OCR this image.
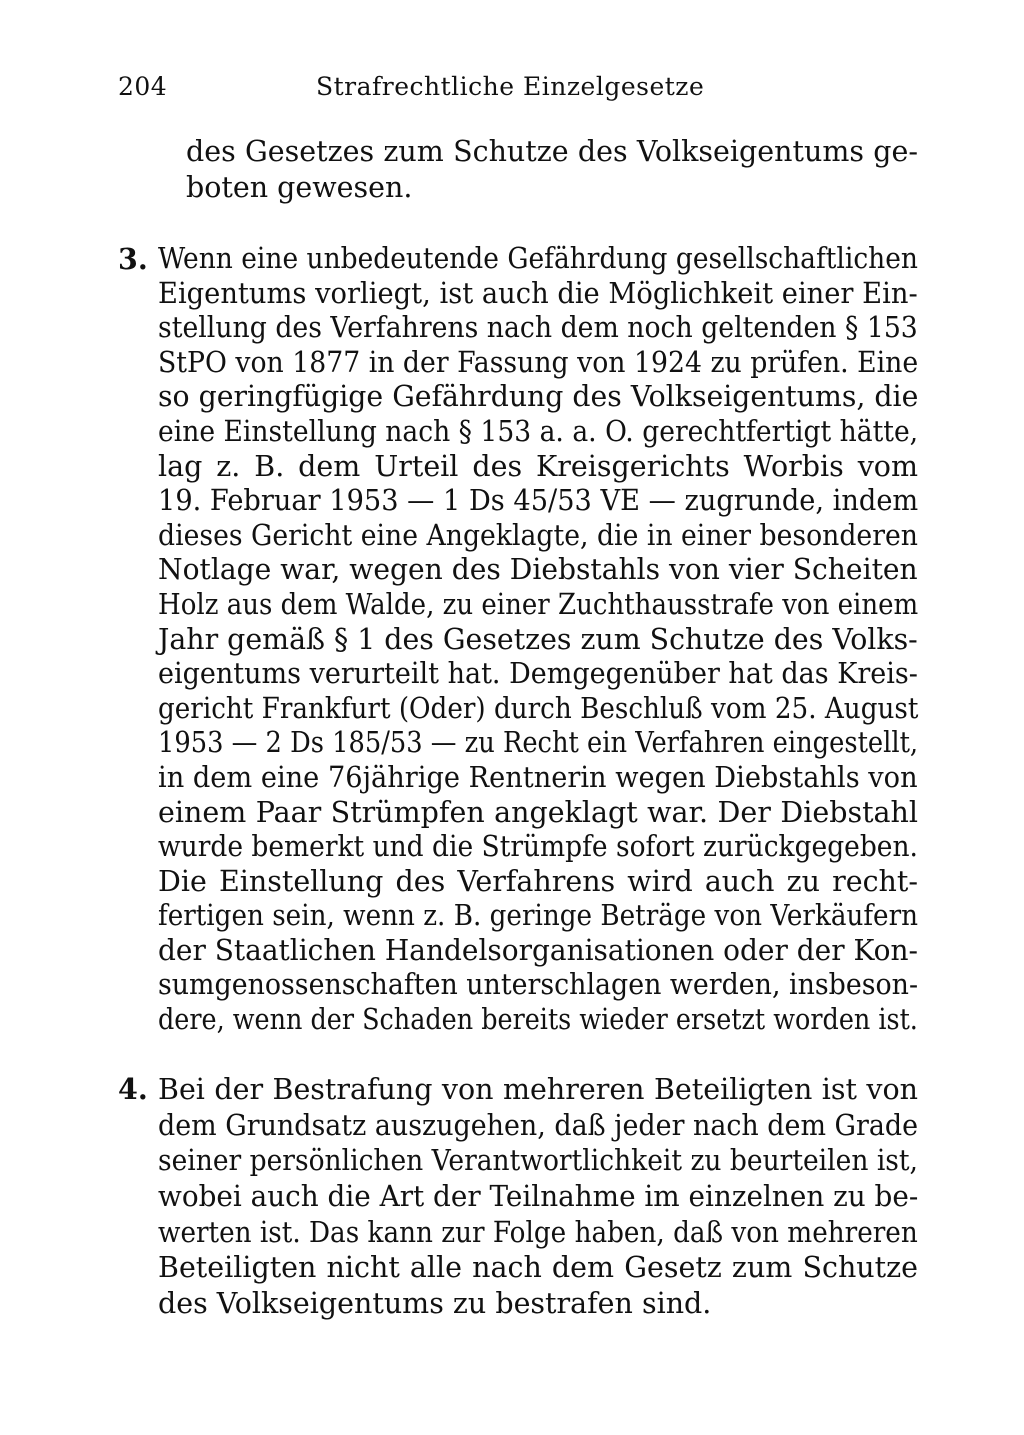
204	Strafrechtliche Einzelgesetze
des Gesetzes zum Schutze des Volkseigentums ge-
boten gewesen.
3. Wenn eine unbedeutende Gefährdung gesellschaftlichen
Eigentums vorliegt, ist auch die Möglichkeit einer Ein-
stellung des Verfahrens nach dem noch geltenden § 153
StPO von 1877 in der Fassung von 1924 zu prüfen. Eine
so geringfügige Gefährdung des Volkseigentums, die
eine Einstellung nach § 153 a. a. O. gerechtfertigt hätte,
lag z. B. dem Urteil des Kreisgerichts Worbis vom
19. Februar 1953 — 1 Ds 45/53 VE — zugrunde, indem
dieses Gericht eine Angeklagte, die in einer besonderen
Notlage war, wegen des Diebstahls von vier Scheiten
Holz aus dem Walde, zu einer Zuchthausstrafe von einem
Jahr gemäß § 1 des Gesetzes zum Schutze des Volks-
eigentums verurteilt hat. Demgegenüber hat das Kreis-
gericht Frankfurt (Oder) durch Beschluß vom 25. August
1953 — 2 Ds 185/53 — zu Recht ein Verfahren eingestellt,
in dem eine 76jährige Rentnerin wegen Diebstahls von
einem Paar Strümpfen angeklagt war. Der Diebstahl
wurde bemerkt und die Strümpfe sofort zurückgegeben.
Die Einstellung des Verfahrens wird auch zu recht-
fertigen sein, wenn z. B. geringe Beträge von Verkäufern
der Staatlichen Handelsorganisationen oder der Kon-
sumgenossenschaften unterschlagen werden, insbeson-
dere, wenn der Schaden bereits wieder ersetzt worden ist.
4. Bei der Bestrafung von mehreren Beteiligten ist von
dem Grundsatz auszugehen, daß jeder nach dem Grade
seiner persönlichen Verantwortlichkeit zu beurteilen ist,
wobei auch die Art der Teilnahme im einzelnen zu be-
werten ist. Das kann zur Folge haben, daß von mehreren
Beteiligten nicht alle nach dem Gesetz zum Schutze
des Volkseigentums zu bestrafen sind.
